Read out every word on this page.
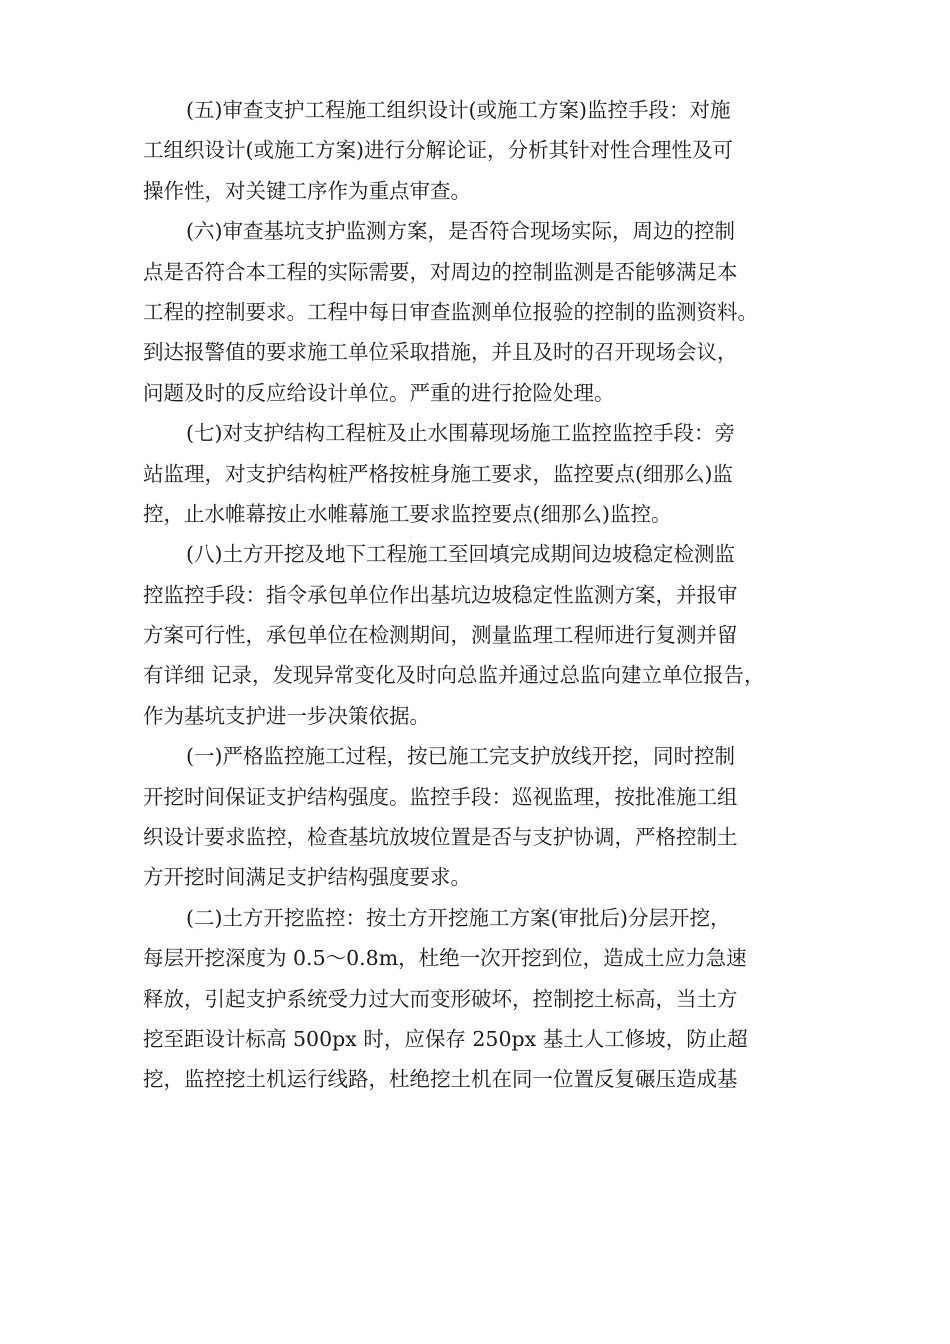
(五)审查支护工程施工组织设计(或施工方案)监控手段：对施
工组织设计(或施工方案)进行分解论证，分析其针对性合理性及可
操作性，对关键工序作为重点审查。
(六)审查基坑支护监测方案，是否符合现场实际，周边的控制
点是否符合本工程的实际需要，对周边的控制监测是否能够满足本
工程的控制要求。工程中每日审查监测单位报验的控制的监测资料。
到达报警值的要求施工单位采取措施，并且及时的召开现场会议，
问题及时的反应给设计单位。严重的进行抢险处理。
(七)对支护结构工程桩及止水围幕现场施工监控监控手段：旁
站监理，对支护结构桩严格按桩身施工要求，监控要点(细那么)监
控，止水帷幕按止水帷幕施工要求监控要点(细那么)监控。
(八)土方开挖及地下工程施工至回填完成期间边坡稳定检测监
控监控手段：指令承包单位作出基坑边坡稳定性监测方案，并报审
方案可行性，承包单位在检测期间，测量监理工程师进行复测并留
有详细 记录，发现异常变化及时向总监并通过总监向建立单位报告，
作为基坑支护进一步决策依据。
(一)严格监控施工过程，按已施工完支护放线开挖，同时控制
开挖时间保证支护结构强度。监控手段：巡视监理，按批准施工组
织设计要求监控，检查基坑放坡位置是否与支护协调，严格控制土
方开挖时间满足支护结构强度要求。
(二)土方开挖监控：按土方开挖施工方案(审批后)分层开挖，
每层开挖深度为 0.5～0.8m，杜绝一次开挖到位，造成土应力急速
释放，引起支护系统受力过大而变形破坏，控制挖土标高，当土方
挖至距设计标高 500px 时，应保存 250px 基土人工修坡，防止超
挖，监控挖土机运行线路，杜绝挖土机在同一位置反复碾压造成基
